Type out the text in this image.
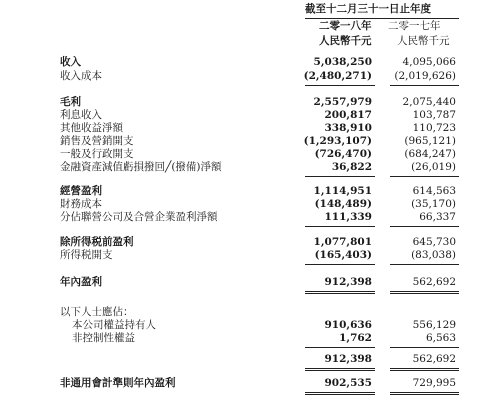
截至十二月三十一日止年度
二零一八年 二零一七年
人民幣千元 人民幣千元
收入	5,038,250	4,095,066
收入成本	(2,480,271) (2,019,626)
毛利	2,557,979	2,075,440
利息收入	200,817	103,787
其他收益淨額	338,910	110,723
銷售及營銷開支	(1,293,107)	(965,121)
一般及行政開支	(726,470)	(684,247)
金融資產減值虧損撥回╱(撥備)淨額	36,822	(26,019)
經營盈利	1,114,951	614,563
財務成本	(148,489)	(35,170)
分佔聯營公司及合營企業盈利淨額	111,339	66,337
除所得税前盈利	1,077,801	645,730
所得税開支	(165,403)	(83,038)
年內盈利	912,398	562,692
以下人士應佔：
本公司權益持有人	910,636	556,129
非控制性權益	1,762	6,563
912,398	562,692
非通用會計準則年內盈利	902,535	729,995
